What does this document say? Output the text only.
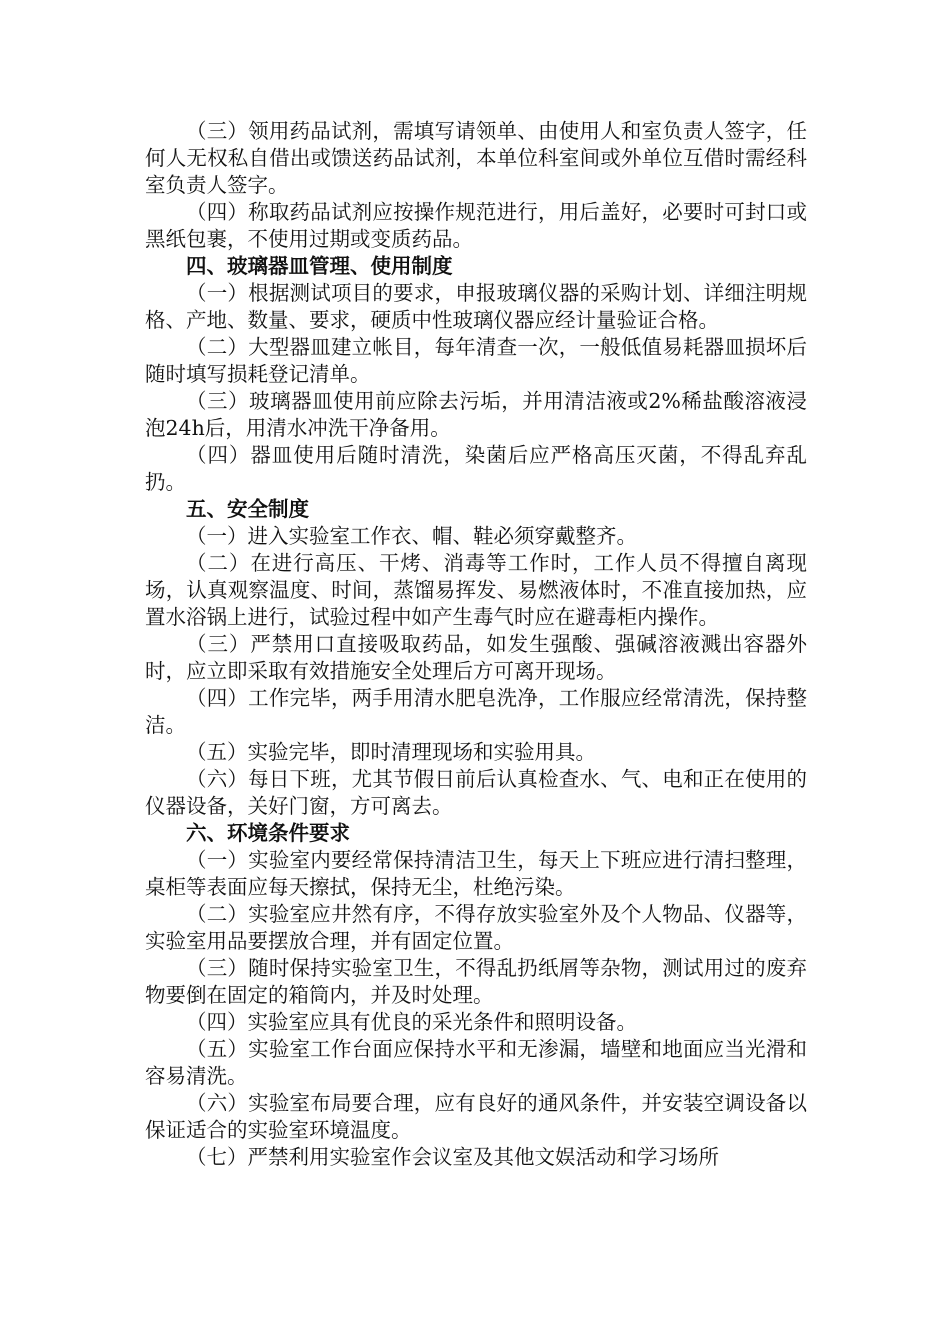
（三）领用药品试剂，需填写请领单、由使用人和室负责人签字，任何人无权私自借出或馈送药品试剂，本单位科室间或外单位互借时需经科室负责人签字。

（四）称取药品试剂应按操作规范进行，用后盖好，必要时可封口或黑纸包裹，不使用过期或变质药品。

四、玻璃器皿管理、使用制度

（一）根据测试项目的要求，申报玻璃仪器的采购计划、详细注明规格、产地、数量、要求，硬质中性玻璃仪器应经计量验证合格。

（二）大型器皿建立帐目，每年清查一次，一般低值易耗器皿损坏后随时填写损耗登记清单。

（三）玻璃器皿使用前应除去污垢，并用清洁液或2%稀盐酸溶液浸泡24h后，用清水冲洗干净备用。

（四）器皿使用后随时清洗，染菌后应严格高压灭菌，不得乱弃乱扔。

五、安全制度

（一）进入实验室工作衣、帽、鞋必须穿戴整齐。

（二）在进行高压、干烤、消毒等工作时，工作人员不得擅自离现场，认真观察温度、时间，蒸馏易挥发、易燃液体时，不准直接加热，应置水浴锅上进行，试验过程中如产生毒气时应在避毒柜内操作。

（三）严禁用口直接吸取药品，如发生强酸、强碱溶液溅出容器外时，应立即采取有效措施安全处理后方可离开现场。

（四）工作完毕，两手用清水肥皂洗净，工作服应经常清洗，保持整洁。

（五）实验完毕，即时清理现场和实验用具。

（六）每日下班，尤其节假日前后认真检查水、气、电和正在使用的仪器设备，关好门窗，方可离去。

六、环境条件要求

（一）实验室内要经常保持清洁卫生，每天上下班应进行清扫整理，桌柜等表面应每天擦拭，保持无尘，杜绝污染。

（二）实验室应井然有序，不得存放实验室外及个人物品、仪器等，实验室用品要摆放合理，并有固定位置。

（三）随时保持实验室卫生，不得乱扔纸屑等杂物，测试用过的废弃物要倒在固定的箱筒内，并及时处理。

（四）实验室应具有优良的采光条件和照明设备。

（五）实验室工作台面应保持水平和无渗漏，墙壁和地面应当光滑和容易清洗。

（六）实验室布局要合理，应有良好的通风条件，并安装空调设备以保证适合的实验室环境温度。

（七）严禁利用实验室作会议室及其他文娱活动和学习场所
